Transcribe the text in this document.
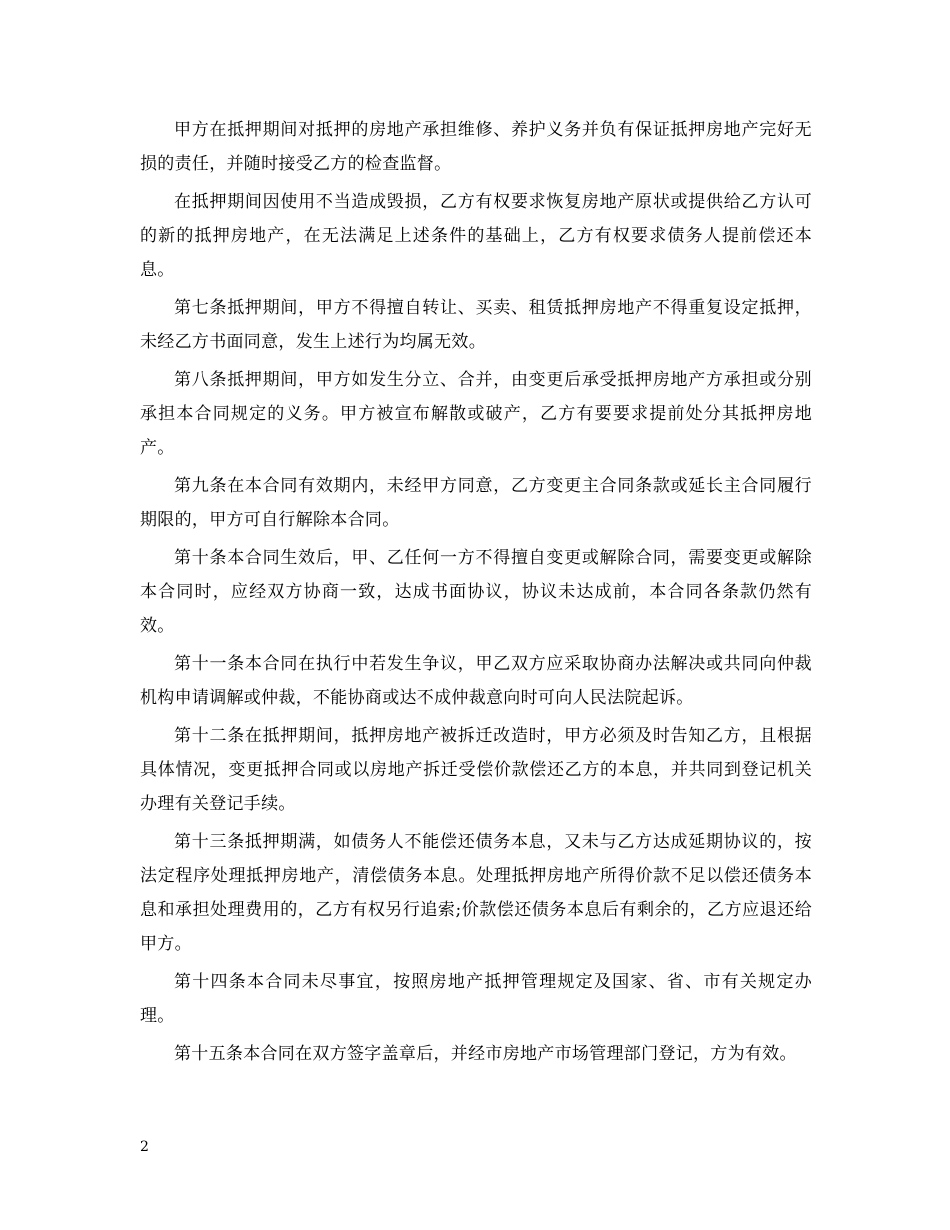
甲方在抵押期间对抵押的房地产承担维修、养护义务并负有保证抵押房地产完好无损的责任，并随时接受乙方的检查监督。

在抵押期间因使用不当造成毁损，乙方有权要求恢复房地产原状或提供给乙方认可的新的抵押房地产，在无法满足上述条件的基础上，乙方有权要求债务人提前偿还本息。

第七条抵押期间，甲方不得擅自转让、买卖、租赁抵押房地产不得重复设定抵押，未经乙方书面同意，发生上述行为均属无效。

第八条抵押期间，甲方如发生分立、合并，由变更后承受抵押房地产方承担或分别承担本合同规定的义务。甲方被宣布解散或破产，乙方有要要求提前处分其抵押房地产。

第九条在本合同有效期内，未经甲方同意，乙方变更主合同条款或延长主合同履行期限的，甲方可自行解除本合同。

第十条本合同生效后，甲、乙任何一方不得擅自变更或解除合同，需要变更或解除本合同时，应经双方协商一致，达成书面协议，协议未达成前，本合同各条款仍然有效。

第十一条本合同在执行中若发生争议，甲乙双方应采取协商办法解决或共同向仲裁机构申请调解或仲裁，不能协商或达不成仲裁意向时可向人民法院起诉。

第十二条在抵押期间，抵押房地产被拆迁改造时，甲方必须及时告知乙方，且根据具体情况，变更抵押合同或以房地产拆迁受偿价款偿还乙方的本息，并共同到登记机关办理有关登记手续。

第十三条抵押期满，如债务人不能偿还债务本息，又未与乙方达成延期协议的，按法定程序处理抵押房地产，清偿债务本息。处理抵押房地产所得价款不足以偿还债务本息和承担处理费用的，乙方有权另行追索;价款偿还债务本息后有剩余的，乙方应退还给甲方。

第十四条本合同未尽事宜，按照房地产抵押管理规定及国家、省、市有关规定办理。

第十五条本合同在双方签字盖章后，并经市房地产市场管理部门登记，方为有效。

2
